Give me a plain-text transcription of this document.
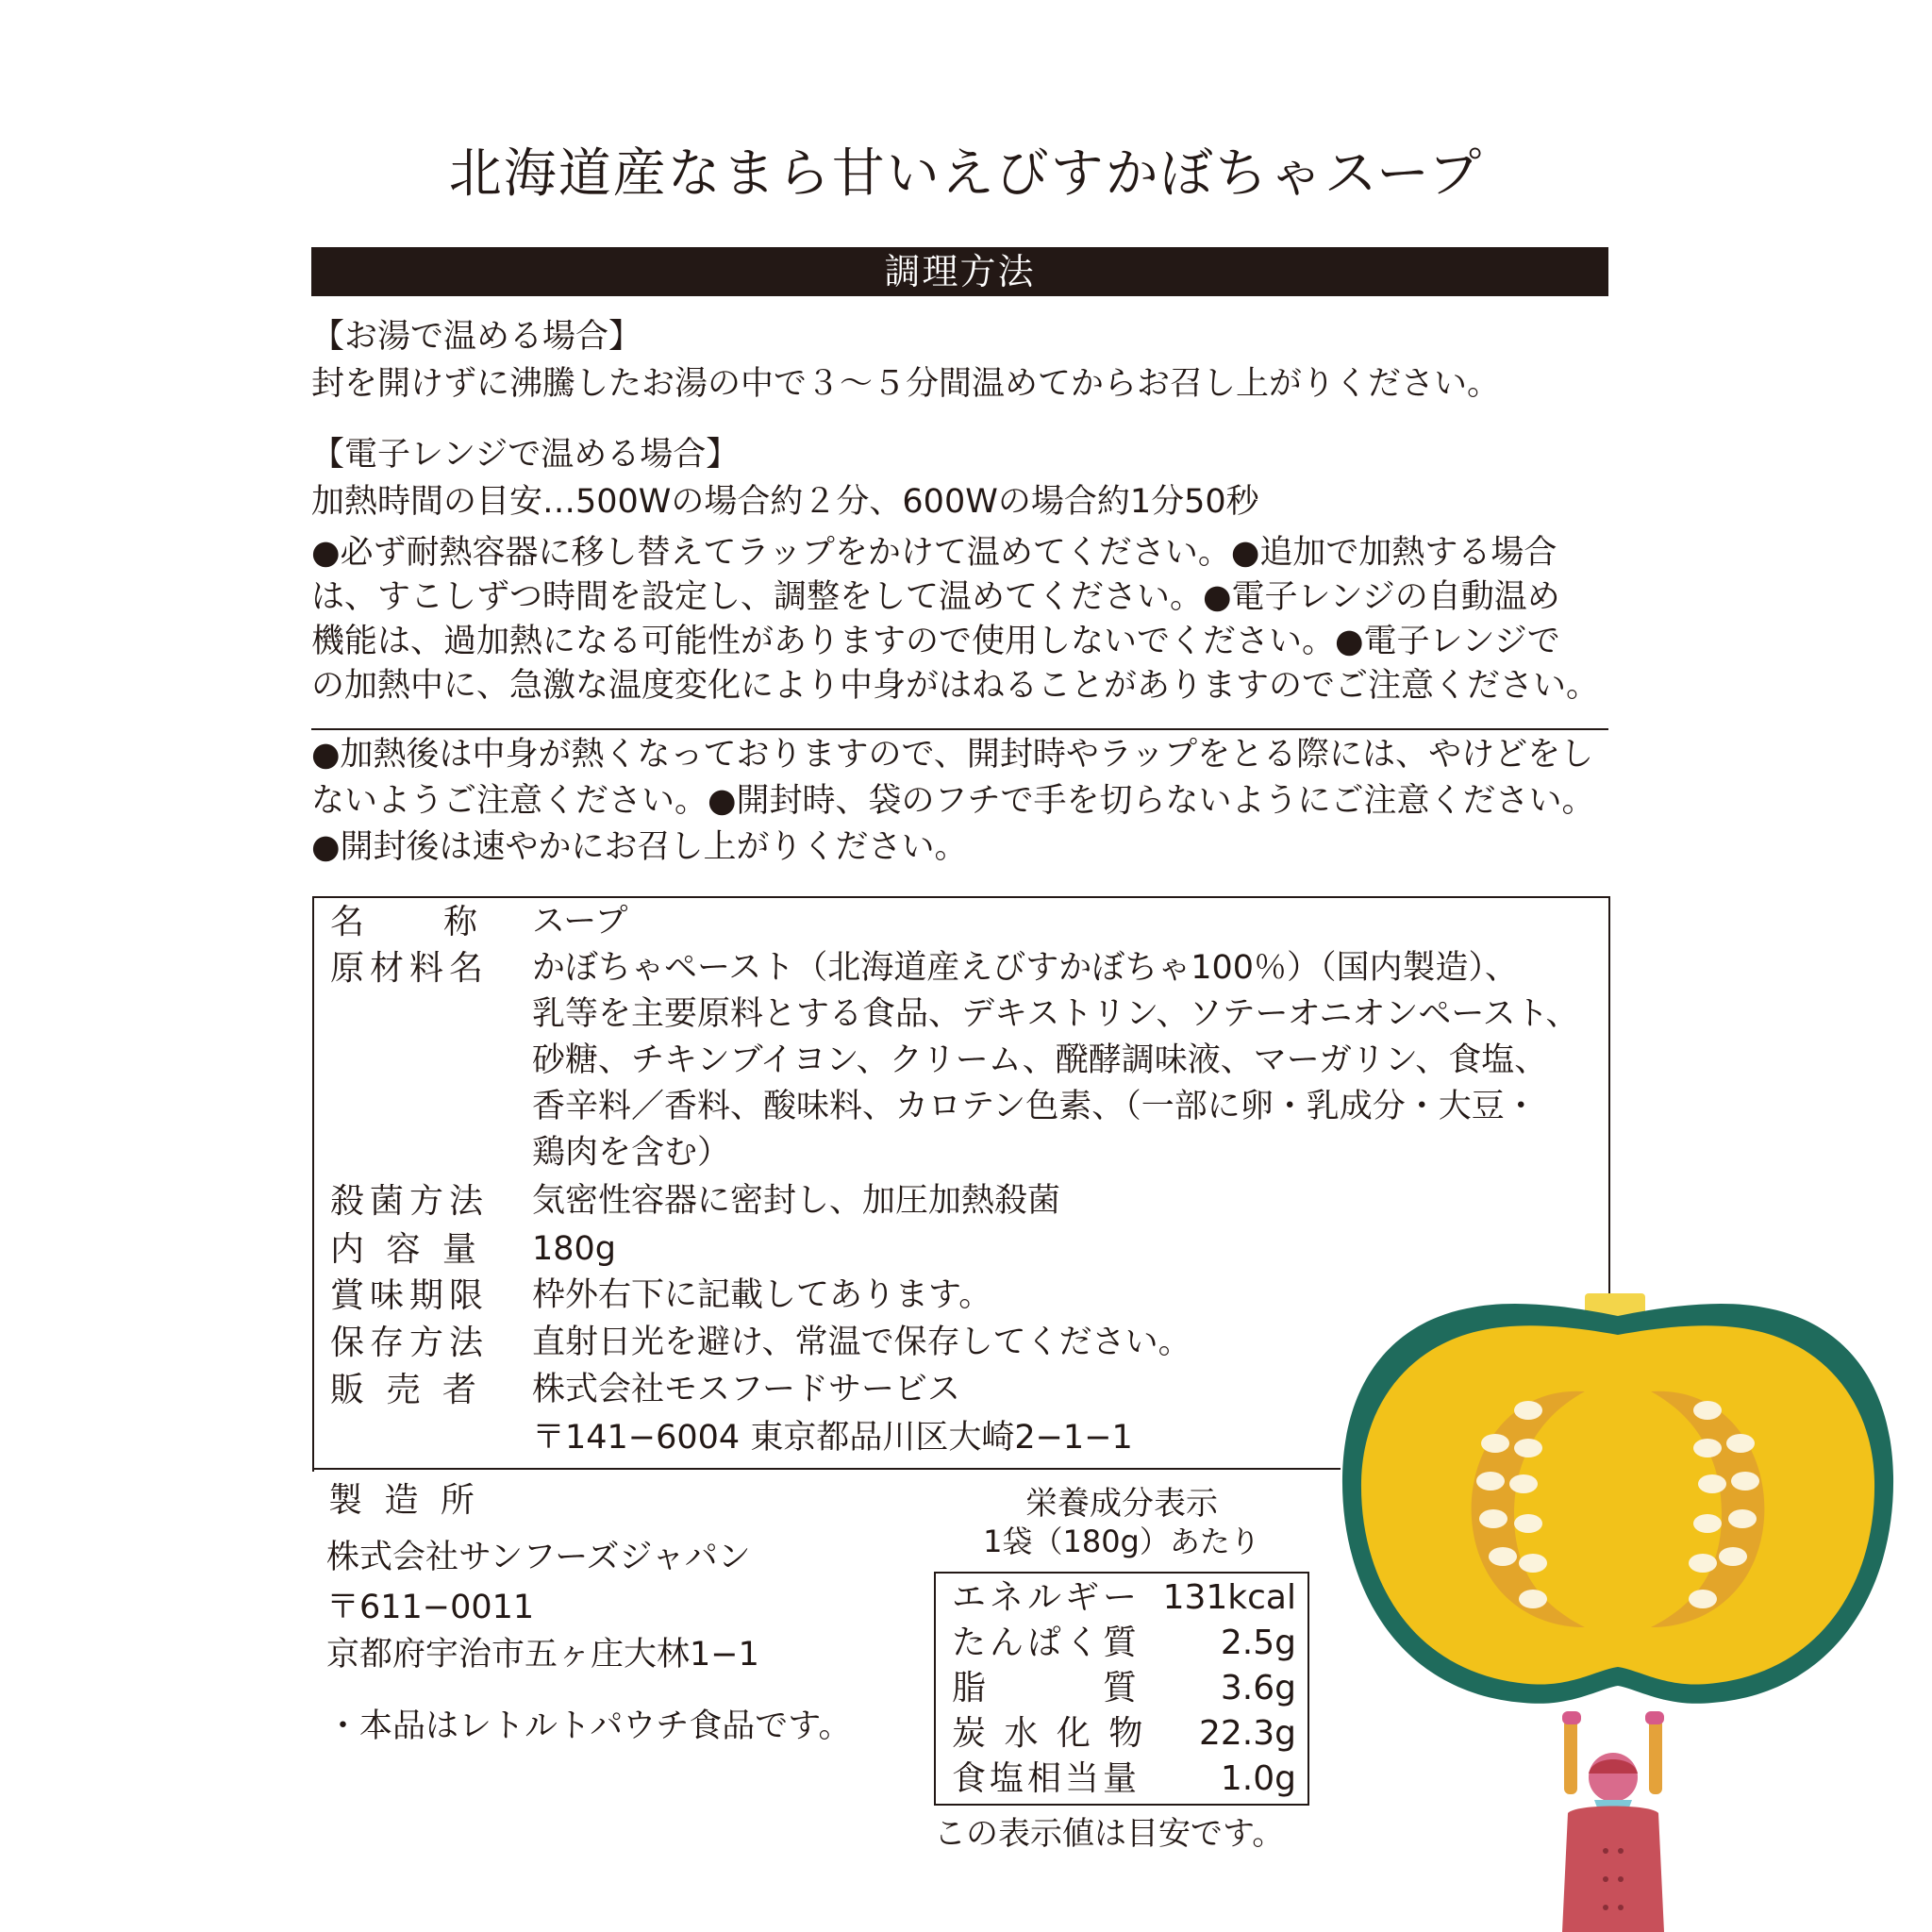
北海道産なまら甘いえびすかぼちゃスープ
調理方法
【お湯で温める場合】
封を開けずに沸騰したお湯の中で３〜５分間温めてからお召し上がりください。
【電子レンジで温める場合】
加熱時間の目安…500Wの場合約２分、600Wの場合約1分50秒
●必ず耐熱容器に移し替えてラップをかけて温めてください。●追加で加熱する場合
は、すこしずつ時間を設定し、調整をして温めてください。●電子レンジの自動温め
機能は、過加熱になる可能性がありますので使用しないでください。●電子レンジで
の加熱中に、急激な温度変化により中身がはねることがありますのでご注意ください。
●加熱後は中身が熱くなっておりますので、開封時やラップをとる際には、やけどをし
ないようご注意ください。●開封時、袋のフチで手を切らないようにご注意ください。
●開封後は速やかにお召し上がりください。
名　　称 スープ
原材料名 かぼちゃペースト（北海道産えびすかぼちゃ100％）（国内製造）、
乳等を主要原料とする食品、デキストリン、ソテーオニオンペースト、
砂糖、チキンブイヨン、クリーム、醗酵調味液、マーガリン、食塩、
香辛料／香料、酸味料、カロテン色素、（一部に卵・乳成分・大豆・
鶏肉を含む）
殺菌方法 気密性容器に密封し、加圧加熱殺菌
内 容 量 180g
賞味期限 枠外右下に記載してあります。
保存方法 直射日光を避け、常温で保存してください。
販 売 者 株式会社モスフードサービス
〒141−6004 東京都品川区大崎2−1−1
製 造 所
株式会社サンフーズジャパン
〒611−0011
京都府宇治市五ヶ庄大林1−1
・本品はレトルトパウチ食品です。
栄養成分表示
1袋（180g）あたり
エネルギー 131kcal
たんぱく質	2.5g
脂　　　質	3.6g
炭 水 化 物	22.3g
食塩相当量	1.0g
この表示値は目安です。
